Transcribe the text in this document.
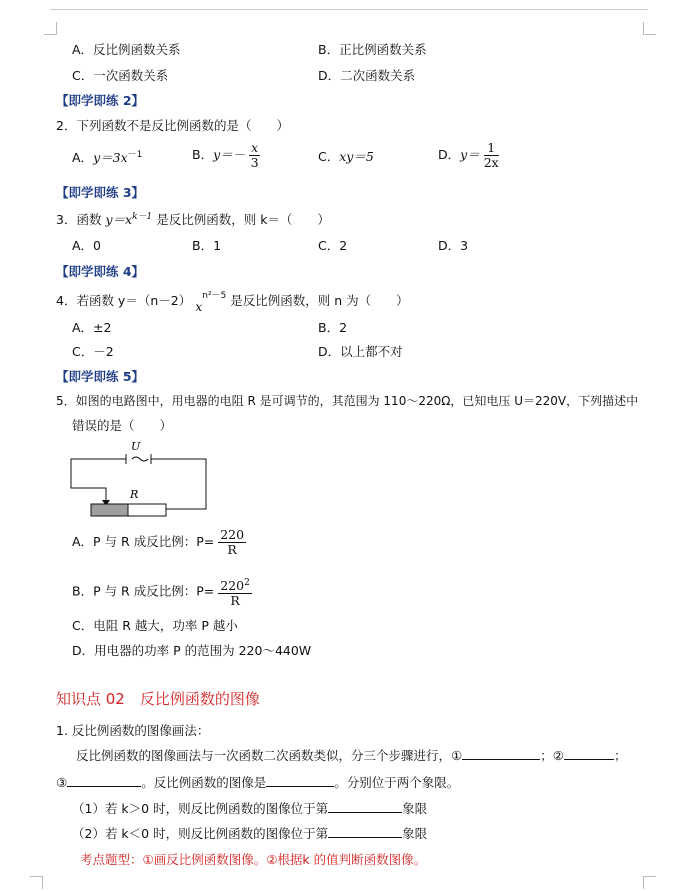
A．反比例函数关系	B．正比例函数关系
C．一次函数关系	D．二次函数关系
【即学即练 2】
2．下列函数不是反比例函数的是（　　）
A．$y=3x^{-1}$	B．$y=- \frac{x}{3}$	C．xy＝5	D．$y= \frac{1}{2x}$
【即学即练 3】
3．函数 $y=x^{k-1}$ 是反比例函数，则 k＝（　　）
A．0	B．1	C．2	D．3
【即学即练 4】
4．若函数 y＝（n－2） $x^{n^2-5}$ 是反比例函数，则 n 为（　　）
A．±2	B．2
C．－2	D．以上都不对
【即学即练 5】
5．如图的电路图中，用电器的电阻 R 是可调节的，其范围为 110～220Ω，已知电压 U＝220V，下列描述中
错误的是（　　）
U
R
A．P 与 R 成反比例：$P= \frac{220}{R}$
B．P 与 R 成反比例：$P= \frac{220^2}{R}$
C．电阻 R 越大，功率 P 越小
D．用电器的功率 P 的范围为 220～440W
知识点 02　反比例函数的图像
1. 反比例函数的图像画法：
反比例函数的图像画法与一次函数二次函数类似，分三个步骤进行，①	；②	；
③	。反比例函数的图像是	。分别位于两个象限。
（1）若 k＞0 时，则反比例函数的图像位于第	象限
（2）若 k＜0 时，则反比例函数的图像位于第	象限
考点题型：①画反比例函数图像。②根据k 的值判断函数图像。
